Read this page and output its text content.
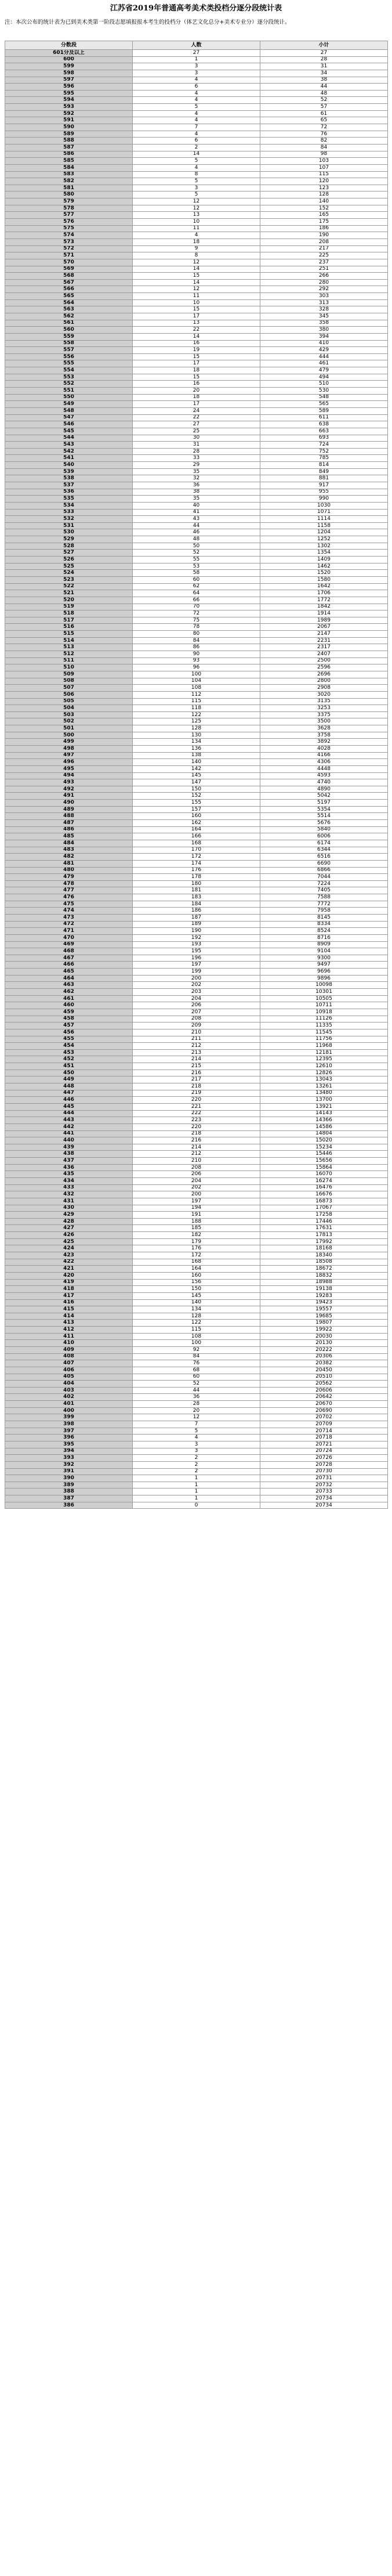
江苏省2019年普通高考美术类投档分逐分段统计表
注：本次公布的统计表为已到美术类第一阶段志愿填报报本考生的投档分（体艺文化总分+美术专业分）逐分段统计。
分数段	人数	小计
601分及以上	27	27
600	1	28
599	3	31
598	3	34
597	4	38
596	6	44
595	4	48
594	4	52
593	5	57
592	4	61
591	4	65
590	7	72
589	4	76
588	6	82
587	2	84
586	14	98
585	5	103
584	4	107
583	8	115
582	5	120
581	3	123
580	5	128
579	12	140
578	12	152
577	13	165
576	10	175
575	11	186
574	4	190
573	18	208
572	9	217
571	8	225
570	12	237
569	14	251
568	15	266
567	14	280
566	12	292
565	11	303
564	10	313
563	15	328
562	17	345
561	13	358
560	22	380
559	14	394
558	16	410
557	19	429
556	15	444
555	17	461
554	18	479
553	15	494
552	16	510
551	20	530
550	18	548
549	17	565
548	24	589
547	22	611
546	27	638
545	25	663
544	30	693
543	31	724
542	28	752
541	33	785
540	29	814
539	35	849
538	32	881
537	36	917
536	38	955
535	35	990
534	40	1030
533	41	1071
532	43	1114
531	44	1158
530	46	1204
529	48	1252
528	50	1302
527	52	1354
526	55	1409
525	53	1462
524	58	1520
523	60	1580
522	62	1642
521	64	1706
520	66	1772
519	70	1842
518	72	1914
517	75	1989
516	78	2067
515	80	2147
514	84	2231
513	86	2317
512	90	2407
511	93	2500
510	96	2596
509	100	2696
508	104	2800
507	108	2908
506	112	3020
505	115	3135
504	118	3253
503	122	3375
502	125	3500
501	128	3628
500	130	3758
499	134	3892
498	136	4028
497	138	4166
496	140	4306
495	142	4448
494	145	4593
493	147	4740
492	150	4890
491	152	5042
490	155	5197
489	157	5354
488	160	5514
487	162	5676
486	164	5840
485	166	6006
484	168	6174
483	170	6344
482	172	6516
481	174	6690
480	176	6866
479	178	7044
478	180	7224
477	181	7405
476	183	7588
475	184	7772
474	186	7958
473	187	8145
472	189	8334
471	190	8524
470	192	8716
469	193	8909
468	195	9104
467	196	9300
466	197	9497
465	199	9696
464	200	9896
463	202	10098
462	203	10301
461	204	10505
460	206	10711
459	207	10918
458	208	11126
457	209	11335
456	210	11545
455	211	11756
454	212	11968
453	213	12181
452	214	12395
451	215	12610
450	216	12826
449	217	13043
448	218	13261
447	219	13480
446	220	13700
445	221	13921
444	222	14143
443	223	14366
442	220	14586
441	218	14804
440	216	15020
439	214	15234
438	212	15446
437	210	15656
436	208	15864
435	206	16070
434	204	16274
433	202	16476
432	200	16676
431	197	16873
430	194	17067
429	191	17258
428	188	17446
427	185	17631
426	182	17813
425	179	17992
424	176	18168
423	172	18340
422	168	18508
421	164	18672
420	160	18832
419	156	18988
418	150	19138
417	145	19283
416	140	19423
415	134	19557
414	128	19685
413	122	19807
412	115	19922
411	108	20030
410	100	20130
409	92	20222
408	84	20306
407	76	20382
406	68	20450
405	60	20510
404	52	20562
403	44	20606
402	36	20642
401	28	20670
400	20	20690
399	12	20702
398	7	20709
397	5	20714
396	4	20718
395	3	20721
394	3	20724
393	2	20726
392	2	20728
391	2	20730
390	1	20731
389	1	20732
388	1	20733
387	1	20734
386	0	20734
